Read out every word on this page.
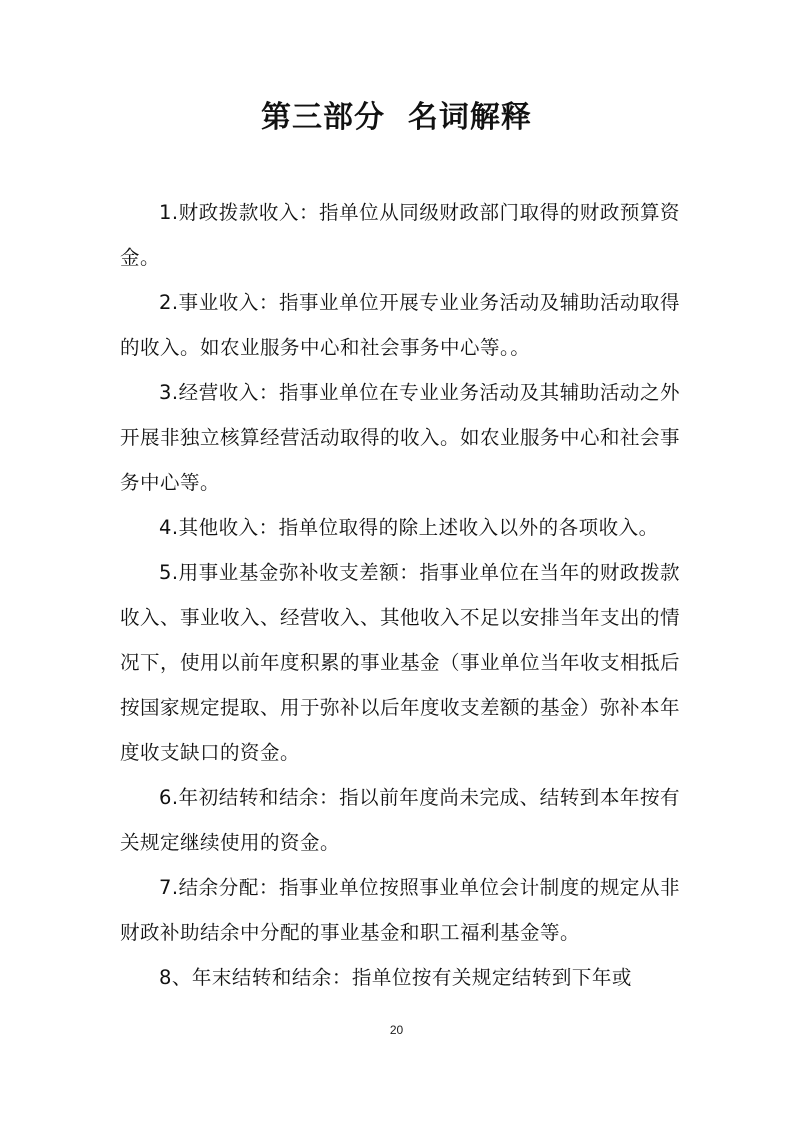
第三部分  名词解释

1.财政拨款收入：指单位从同级财政部门取得的财政预算资金。

2.事业收入：指事业单位开展专业业务活动及辅助活动取得的收入。如农业服务中心和社会事务中心等。。

3.经营收入：指事业单位在专业业务活动及其辅助活动之外开展非独立核算经营活动取得的收入。如农业服务中心和社会事务中心等。

4.其他收入：指单位取得的除上述收入以外的各项收入。

5.用事业基金弥补收支差额：指事业单位在当年的财政拨款收入、事业收入、经营收入、其他收入不足以安排当年支出的情况下，使用以前年度积累的事业基金（事业单位当年收支相抵后按国家规定提取、用于弥补以后年度收支差额的基金）弥补本年度收支缺口的资金。

6.年初结转和结余：指以前年度尚未完成、结转到本年按有关规定继续使用的资金。

7.结余分配：指事业单位按照事业单位会计制度的规定从非财政补助结余中分配的事业基金和职工福利基金等。

8、年末结转和结余：指单位按有关规定结转到下年或

20
